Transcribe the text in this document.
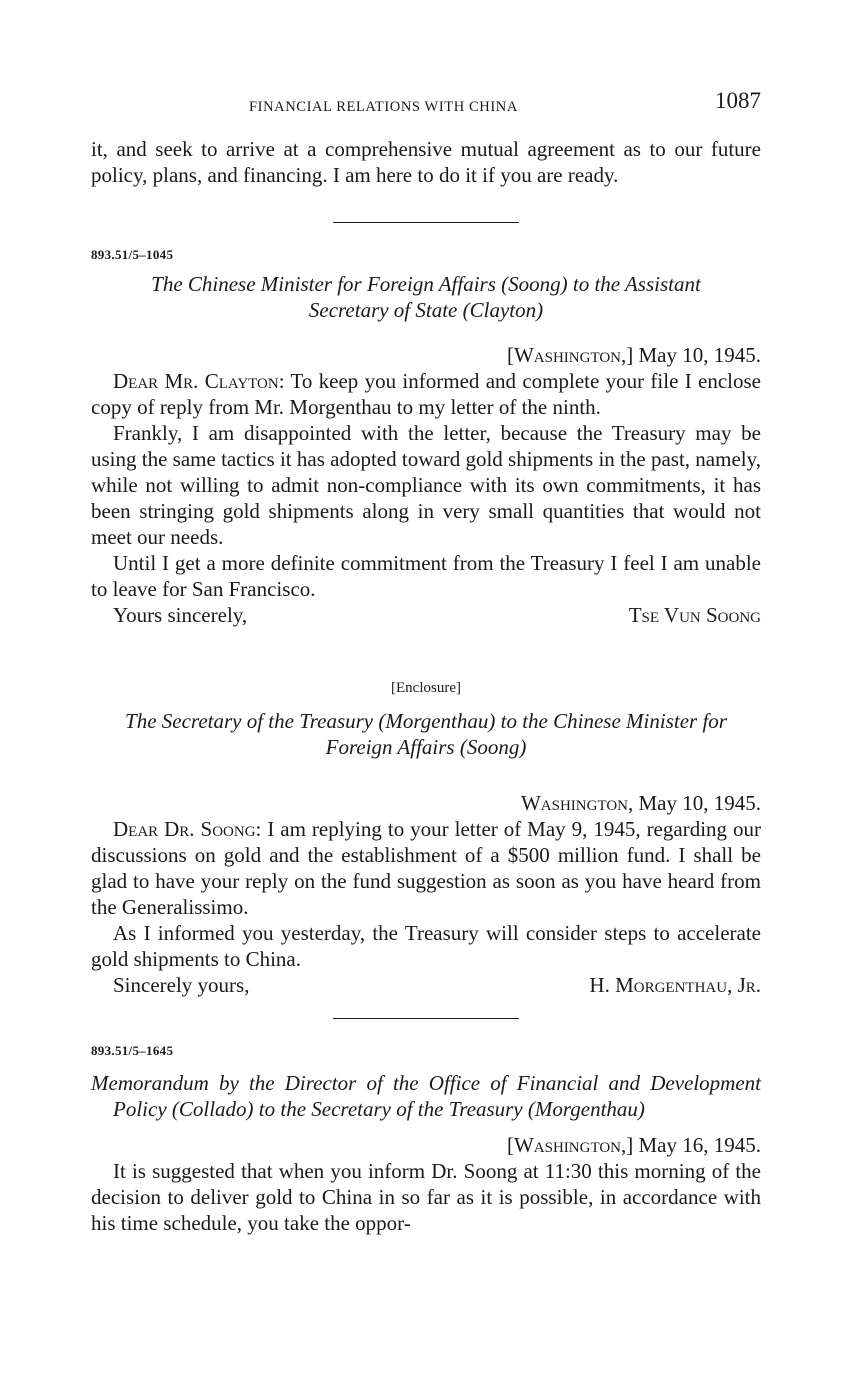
FINANCIAL RELATIONS WITH CHINA	1087

it, and seek to arrive at a comprehensive mutual agreement as to our future policy, plans, and financing. I am here to do it if you are ready.

893.51/5–1045
The Chinese Minister for Foreign Affairs (Soong) to the Assistant Secretary of State (Clayton)
[Washington,] May 10, 1945.

Dear Mr. Clayton: To keep you informed and complete your file I enclose copy of reply from Mr. Morgenthau to my letter of the ninth.

Frankly, I am disappointed with the letter, because the Treasury may be using the same tactics it has adopted toward gold shipments in the past, namely, while not willing to admit non-compliance with its own commitments, it has been stringing gold shipments along in very small quantities that would not meet our needs.

Until I get a more definite commitment from the Treasury I feel I am unable to leave for San Francisco.

Yours sincerely,	Tse Vun Soong
[Enclosure]
The Secretary of the Treasury (Morgenthau) to the Chinese Minister for Foreign Affairs (Soong)
Washington, May 10, 1945.

Dear Dr. Soong: I am replying to your letter of May 9, 1945, regarding our discussions on gold and the establishment of a $500 million fund. I shall be glad to have your reply on the fund suggestion as soon as you have heard from the Generalissimo.

As I informed you yesterday, the Treasury will consider steps to accelerate gold shipments to China.

Sincerely yours,	H. Morgenthau, Jr.
893.51/5–1645
Memorandum by the Director of the Office of Financial and Development Policy (Collado) to the Secretary of the Treasury (Morgenthau)
[Washington,] May 16, 1945.

It is suggested that when you inform Dr. Soong at 11:30 this morning of the decision to deliver gold to China in so far as it is possible, in accordance with his time schedule, you take the oppor-
